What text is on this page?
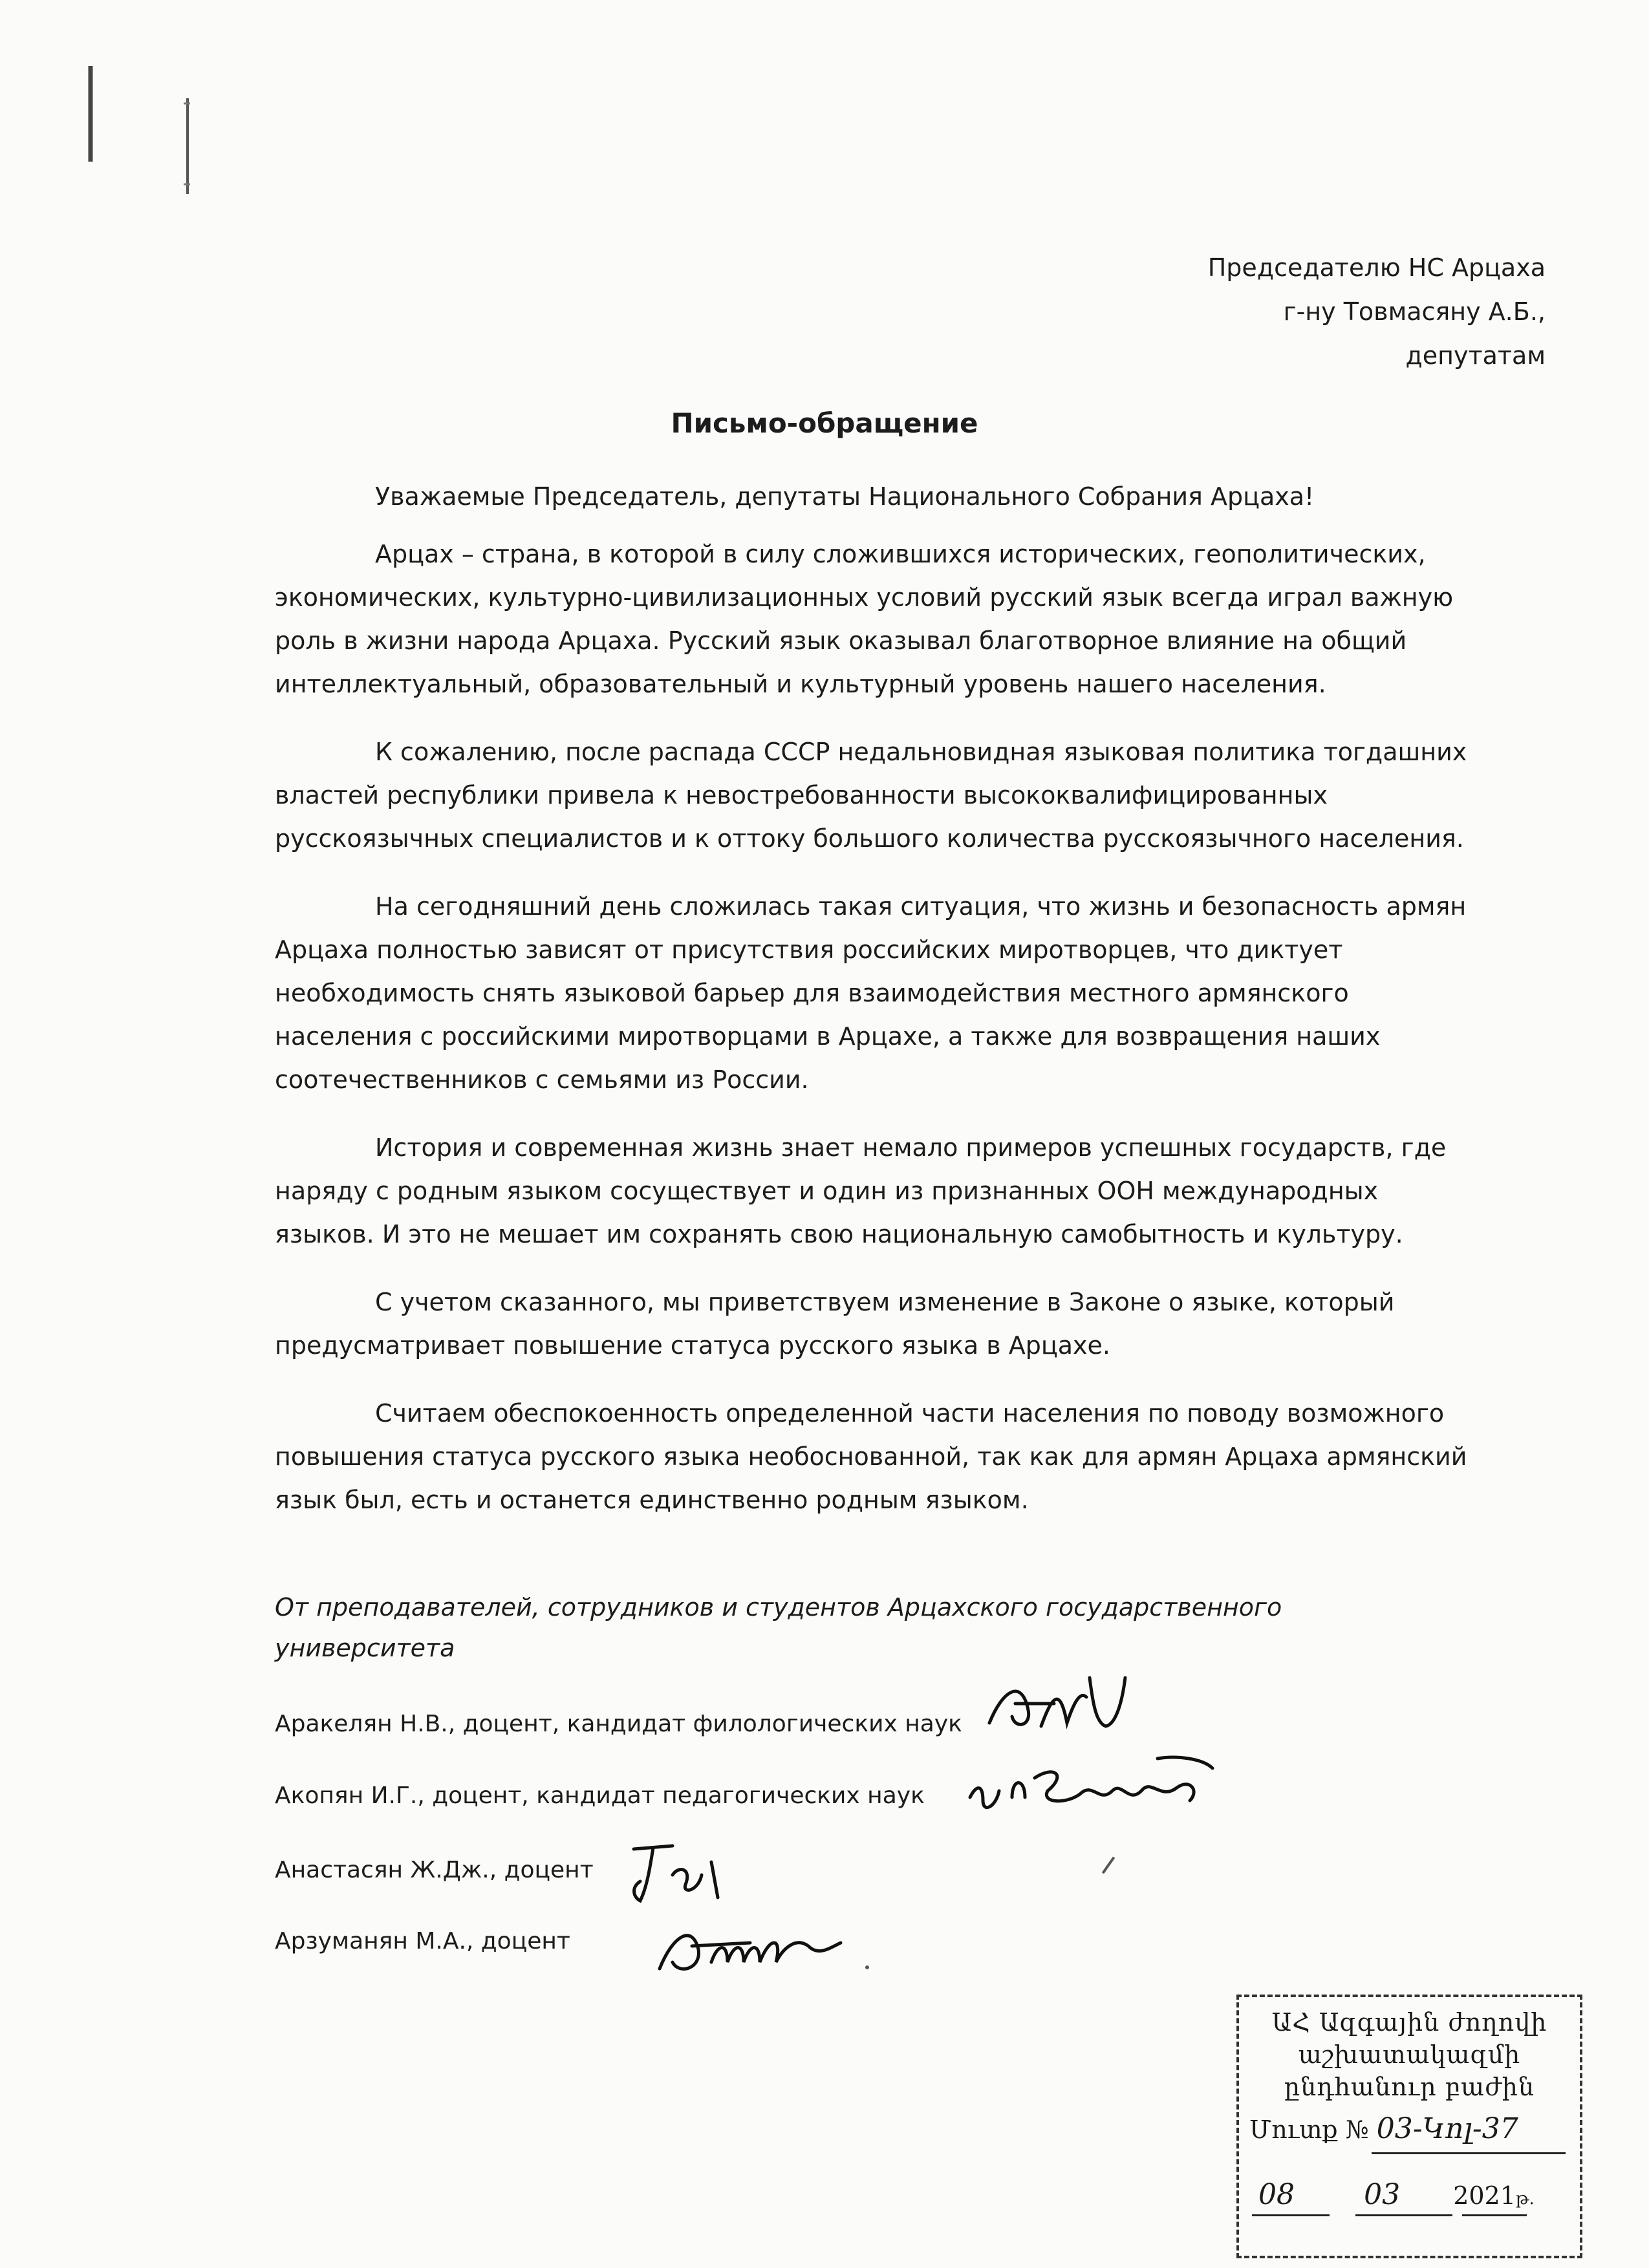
Председателю НС Арцаха
г-ну Товмасяну А.Б.,
депутатам
Письмо-обращение

Уважаемые Председатель, депутаты Национального Собрания Арцаха!

Арцах – страна, в которой в силу сложившихся исторических, геополитических, экономических, культурно-цивилизационных условий русский язык всегда играл важную роль в жизни народа Арцаха. Русский язык оказывал благотворное влияние на общий интеллектуальный, образовательный и культурный уровень нашего населения.

К сожалению, после распада СССР недальновидная языковая политика тогдашних властей республики привела к невостребованности высококвалифицированных русскоязычных специалистов и к оттоку большого количества русскоязычного населения.

На сегодняшний день сложилась такая ситуация, что жизнь и безопасность армян Арцаха полностью зависят от присутствия российских миротворцев, что диктует необходимость снять языковой барьер для взаимодействия местного армянского населения с российскими миротворцами в Арцахе, а также для возвращения наших соотечественников с семьями из России.

История и современная жизнь знает немало примеров успешных государств, где наряду с родным языком сосуществует и один из признанных ООН международных языков. И это не мешает им сохранять свою национальную самобытность и культуру.

С учетом сказанного, мы приветствуем изменение в Законе о языке, который предусматривает повышение статуса русского языка в Арцахе.

Считаем обеспокоенность определенной части населения по поводу возможного повышения статуса русского языка необоснованной, так как для армян Арцаха армянский язык был, есть и останется единственно родным языком.

От преподавателей, сотрудников и студентов Арцахского государственного университета
Аракелян Н.В., доцент, кандидат филологических наук
Акопян И.Г., доцент, кандидат педагогических наук
Анастасян Ж.Дж., доцент
Арзуманян М.А., доцент
ԱՀ Ազգային ժողովի
աշխատակազմի
ընդհանուր բաժին
Մուտք № 03-Կոլ-37
08 03 2021թ.
